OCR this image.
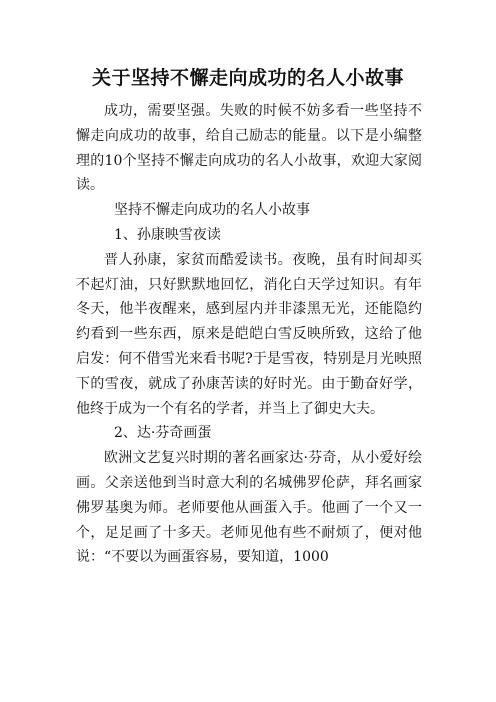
关于坚持不懈走向成功的名人小故事

成功，需要坚强。失败的时候不妨多看一些坚持不懈走向成功的故事，给自己励志的能量。以下是小编整理的10个坚持不懈走向成功的名人小故事，欢迎大家阅读。

坚持不懈走向成功的名人小故事

1、孙康映雪夜读

晋人孙康，家贫而酷爱读书。夜晚，虽有时间却买不起灯油，只好默默地回忆，消化白天学过知识。有年冬天，他半夜醒来，感到屋内并非漆黑无光，还能隐约约看到一些东西，原来是皑皑白雪反映所致，这给了他启发：何不借雪光来看书呢?于是雪夜，特别是月光映照下的雪夜，就成了孙康苦读的好时光。由于勤奋好学，他终于成为一个有名的学者，并当上了御史大夫。

2、达·芬奇画蛋

欧洲文艺复兴时期的著名画家达·芬奇，从小爱好绘画。父亲送他到当时意大利的名城佛罗伦萨，拜名画家佛罗基奥为师。老师要他从画蛋入手。他画了一个又一个，足足画了十多天。老师见他有些不耐烦了，便对他说：“不要以为画蛋容易，要知道，1000
